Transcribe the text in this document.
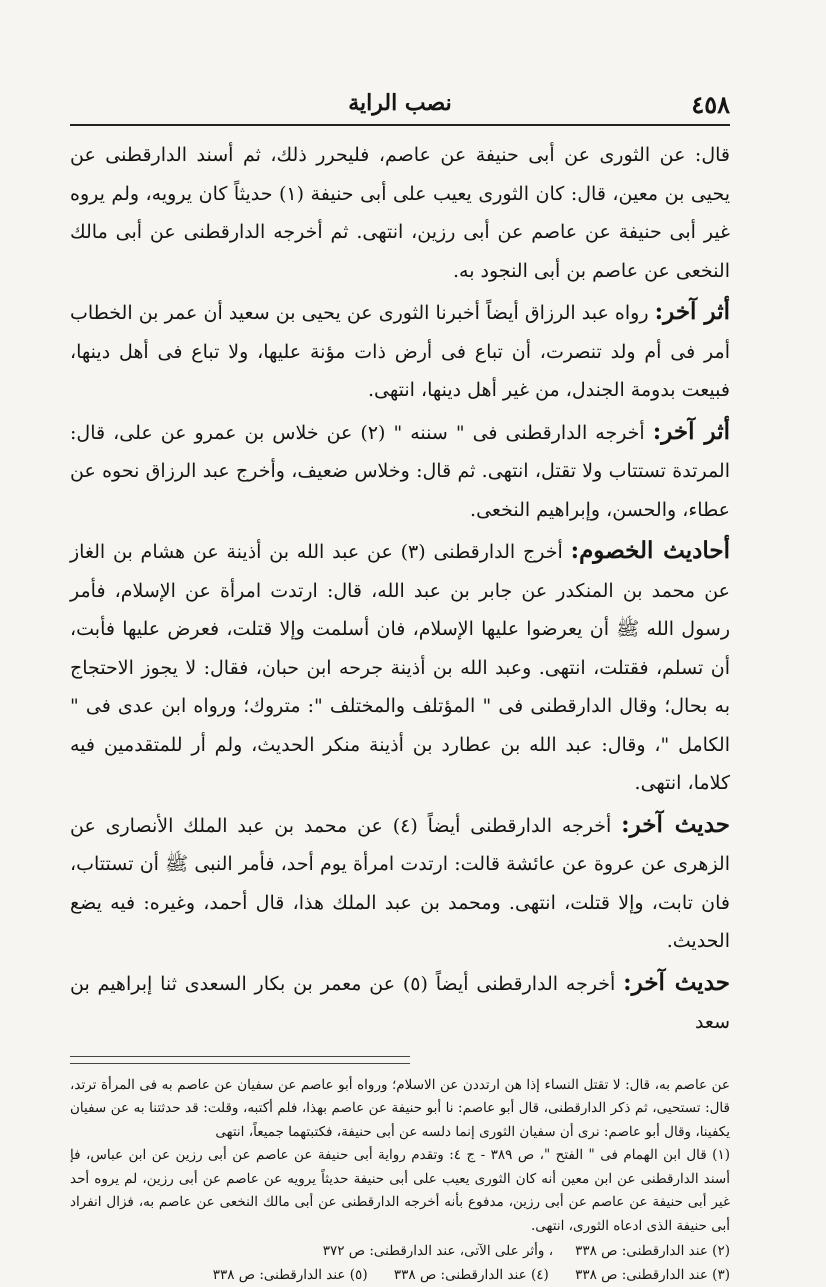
٤٥٨
نصب الراية

قال: عن الثورى عن أبى حنيفة عن عاصم، فليحرر ذلك، ثم أسند الدارقطنى عن يحيى بن معين، قال: كان الثورى يعيب على أبى حنيفة (١) حديثاً كان يرويه، ولم يروه غير أبى حنيفة عن عاصم عن أبى رزين، انتهى. ثم أخرجه الدارقطنى عن أبى مالك النخعى عن عاصم بن أبى النجود به.

أثر آخر: رواه عبد الرزاق أيضاً أخبرنا الثورى عن يحيى بن سعيد أن عمر بن الخطاب أمر فى أم ولد تنصرت، أن تباع فى أرض ذات مؤنة عليها، ولا تباع فى أهل دينها، فبيعت بدومة الجندل، من غير أهل دينها، انتهى.

أثر آخر: أخرجه الدارقطنى فى " سننه " (٢) عن خلاس بن عمرو عن على، قال: المرتدة تستتاب ولا تقتل، انتهى. ثم قال: وخلاس ضعيف، وأخرج عبد الرزاق نحوه عن عطاء، والحسن، وإبراهيم النخعى.

أحاديث الخصوم: أخرج الدارقطنى (٣) عن عبد الله بن أذينة عن هشام بن الغاز عن محمد بن المنكدر عن جابر بن عبد الله، قال: ارتدت امرأة عن الإسلام، فأمر رسول الله ﷺ أن يعرضوا عليها الإسلام، فان أسلمت وإلا قتلت، فعرض عليها فأبت، أن تسلم، فقتلت، انتهى. وعبد الله بن أذينة جرحه ابن حبان، فقال: لا يجوز الاحتجاج به بحال؛ وقال الدارقطنى فى " المؤتلف والمختلف ": متروك؛ ورواه ابن عدى فى " الكامل "، وقال: عبد الله بن عطارد بن أذينة منكر الحديث، ولم أر للمتقدمين فيه كلاما، انتهى.

حديث آخر: أخرجه الدارقطنى أيضاً (٤) عن محمد بن عبد الملك الأنصارى عن الزهرى عن عروة عن عائشة قالت: ارتدت امرأة يوم أحد، فأمر النبى ﷺ أن تستتاب، فان تابت، وإلا قتلت، انتهى. ومحمد بن عبد الملك هذا، قال أحمد، وغيره: فيه يضع الحديث.

حديث آخر: أخرجه الدارقطنى أيضاً (٥) عن معمر بن بكار السعدى ثنا إبراهيم بن سعد

عن عاصم به، قال: لا تقتل النساء إذا هن ارتددن عن الاسلام؛ ورواه أبو عاصم عن سفيان عن عاصم به فى المرأة ترتد، قال: تستحيى، ثم ذكر الدارقطنى، قال أبو عاصم: نا أبو حنيفة عن عاصم بهذا، فلم أكتبه، وقلت: قد حدثتنا به عن سفيان يكفينا، وقال أبو عاصم: نرى أن سفيان الثورى إنما دلسه عن أبى حنيفة، فكتبتهما جميعاً، انتهى

(١) قال ابن الهمام فى " الفتح "، ص ٣٨٩ - ج ٤: وتقدم رواية أبى حنيفة عن عاصم عن أبى رزين عن ابن عباس، فإ أسند الدارقطنى عن ابن معين أنه كان الثورى يعيب على أبى حنيفة حديثاً يرويه عن عاصم عن أبى رزين، لم يروه أحد غير أبى حنيفة عن عاصم عن أبى رزين، مدفوع بأنه أخرجه الدارقطنى عن أبى مالك النخعى عن عاصم به، فزال انفراد أبى حنيفة الذى ادعاه الثورى، انتهى.

(٢) عند الدارقطنى: ص ٣٣٨، وأثر على الآتى، عند الدارقطنى: ص ٣٧٢

(٣) عند الدارقطنى: ص ٣٣٨ (٤) عند الدارقطنى: ص ٣٣٨ (٥) عند الدارقطنى: ص ٣٣٨
